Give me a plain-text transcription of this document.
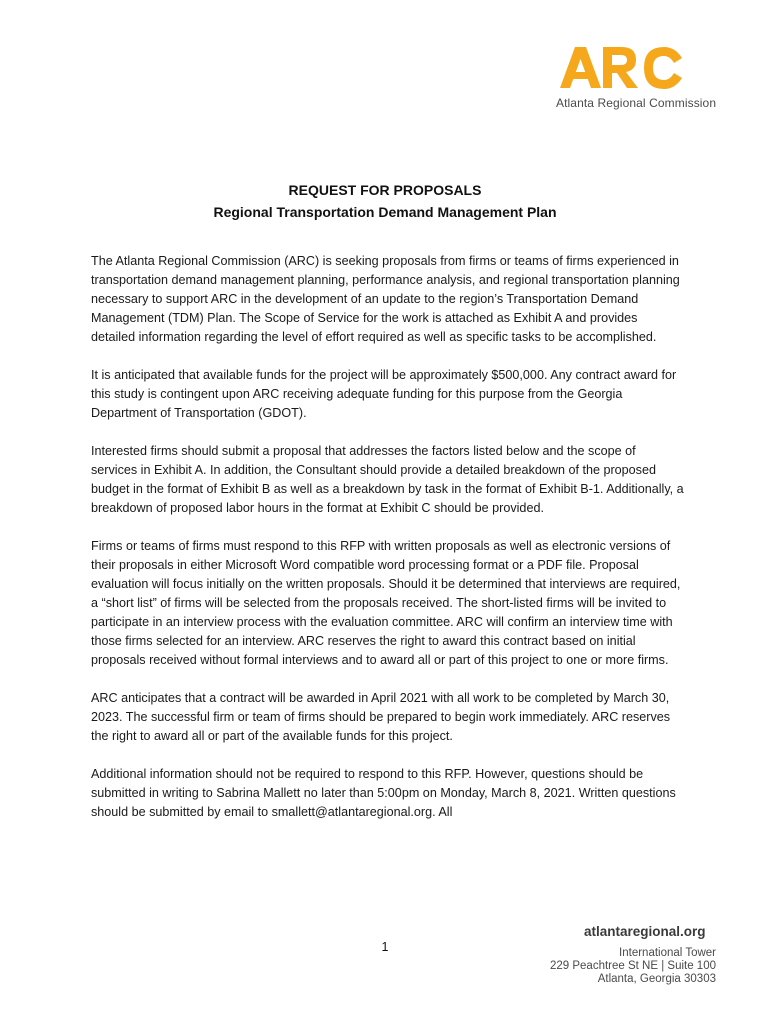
Atlanta Regional Commission
REQUEST FOR PROPOSALS
Regional Transportation Demand Management Plan

The Atlanta Regional Commission (ARC) is seeking proposals from firms or teams of firms experienced in transportation demand management planning, performance analysis, and regional transportation planning necessary to support ARC in the development of an update to the region’s Transportation Demand Management (TDM) Plan. The Scope of Service for the work is attached as Exhibit A and provides detailed information regarding the level of effort required as well as specific tasks to be accomplished.

It is anticipated that available funds for the project will be approximately $500,000. Any contract award for this study is contingent upon ARC receiving adequate funding for this purpose from the Georgia Department of Transportation (GDOT).

Interested firms should submit a proposal that addresses the factors listed below and the scope of services in Exhibit A. In addition, the Consultant should provide a detailed breakdown of the proposed budget in the format of Exhibit B as well as a breakdown by task in the format of Exhibit B-1. Additionally, a breakdown of proposed labor hours in the format at Exhibit C should be provided.

Firms or teams of firms must respond to this RFP with written proposals as well as electronic versions of their proposals in either Microsoft Word compatible word processing format or a PDF file. Proposal evaluation will focus initially on the written proposals. Should it be determined that interviews are required, a “short list” of firms will be selected from the proposals received. The short-listed firms will be invited to participate in an interview process with the evaluation committee. ARC will confirm an interview time with those firms selected for an interview. ARC reserves the right to award this contract based on initial proposals received without formal interviews and to award all or part of this project to one or more firms.

ARC anticipates that a contract will be awarded in April 2021 with all work to be completed by March 30, 2023. The successful firm or team of firms should be prepared to begin work immediately. ARC reserves the right to award all or part of the available funds for this project.

Additional information should not be required to respond to this RFP. However, questions should be submitted in writing to Sabrina Mallett no later than 5:00pm on Monday, March 8, 2021. Written questions should be submitted by email to smallett@atlantaregional.org. All

1
atlantaregional.org
International Tower
229 Peachtree St NE | Suite 100
Atlanta, Georgia 30303
